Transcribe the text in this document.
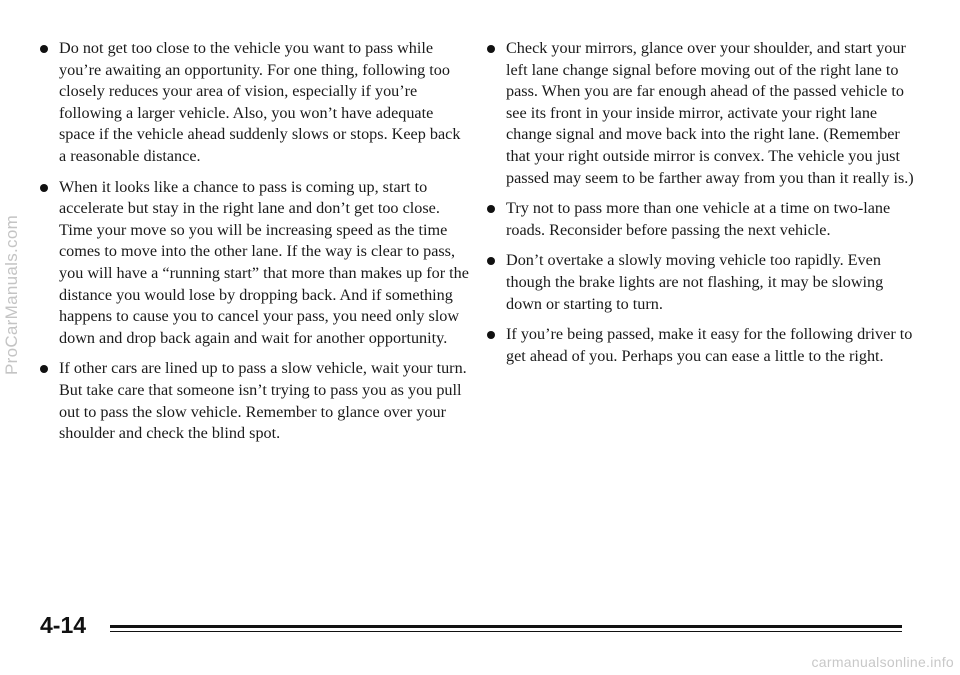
ProCarManuals.com
Do not get too close to the vehicle you want to pass while you’re awaiting an opportunity. For one thing, following too closely reduces your area of vision, especially if you’re following a larger vehicle. Also, you won’t have adequate space if the vehicle ahead suddenly slows or stops. Keep back a reasonable distance.
When it looks like a chance to pass is coming up, start to accelerate but stay in the right lane and don’t get too close. Time your move so you will be increasing speed as the time comes to move into the other lane. If the way is clear to pass, you will have a “running start” that more than makes up for the distance you would lose by dropping back. And if something happens to cause you to cancel your pass, you need only slow down and drop back again and wait for another opportunity.
If other cars are lined up to pass a slow vehicle, wait your turn. But take care that someone isn’t trying to pass you as you pull out to pass the slow vehicle. Remember to glance over your shoulder and check the blind spot.
Check your mirrors, glance over your shoulder, and start your left lane change signal before moving out of the right lane to pass. When you are far enough ahead of the passed vehicle to see its front in your inside mirror, activate your right lane change signal and move back into the right lane. (Remember that your right outside mirror is convex. The vehicle you just passed may seem to be farther away from you than it really is.)
Try not to pass more than one vehicle at a time on two-lane roads. Reconsider before passing the next vehicle.
Don’t overtake a slowly moving vehicle too rapidly. Even though the brake lights are not flashing, it may be slowing down or starting to turn.
If you’re being passed, make it easy for the following driver to get ahead of you. Perhaps you can ease a little to the right.
4-14
carmanualsonline.info
